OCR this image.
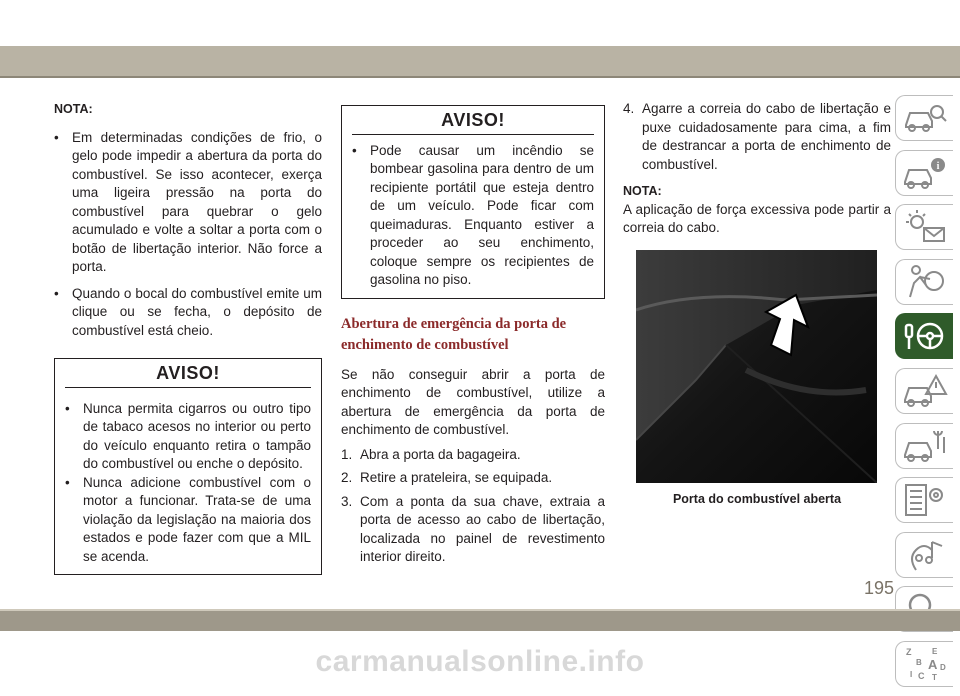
NOTA:
• Em determinadas condições de frio, o gelo pode impedir a abertura da porta do combustível. Se isso acontecer, exerça uma ligeira pressão na porta do combustível para quebrar o gelo acumulado e volte a soltar a porta com o botão de libertação interior. Não force a porta.
• Quando o bocal do combustível emite um clique ou se fecha, o depósito de combustível está cheio.
AVISO!
• Nunca permita cigarros ou outro tipo de tabaco acesos no interior ou perto do veículo enquanto retira o tampão do combustível ou enche o depósito.
• Nunca adicione combustível com o motor a funcionar. Trata-se de uma violação da legislação na maioria dos estados e pode fazer com que a MIL se acenda.
AVISO!
• Pode causar um incêndio se bombear gasolina para dentro de um recipiente portátil que esteja dentro de um veículo. Pode ficar com queimaduras. Enquanto estiver a proceder ao seu enchimento, coloque sempre os recipientes de gasolina no piso.
Abertura de emergência da porta de enchimento de combustível
Se não conseguir abrir a porta de enchimento de combustível, utilize a abertura de emergência da porta de enchimento de combustível.
1. Abra a porta da bagageira.
2. Retire a prateleira, se equipada.
3. Com a ponta da sua chave, extraia a porta de acesso ao cabo de libertação, localizada no painel de revestimento interior direito.
4. Agarre a correia do cabo de libertação e puxe cuidadosamente para cima, a fim de destrancar a porta de enchimento de combustível.
NOTA:
A aplicação de força excessiva pode partir a correia do cabo.
Porta do combustível aberta
i
Z	E
B A
I C
D
T
195
carmanualsonline.info
